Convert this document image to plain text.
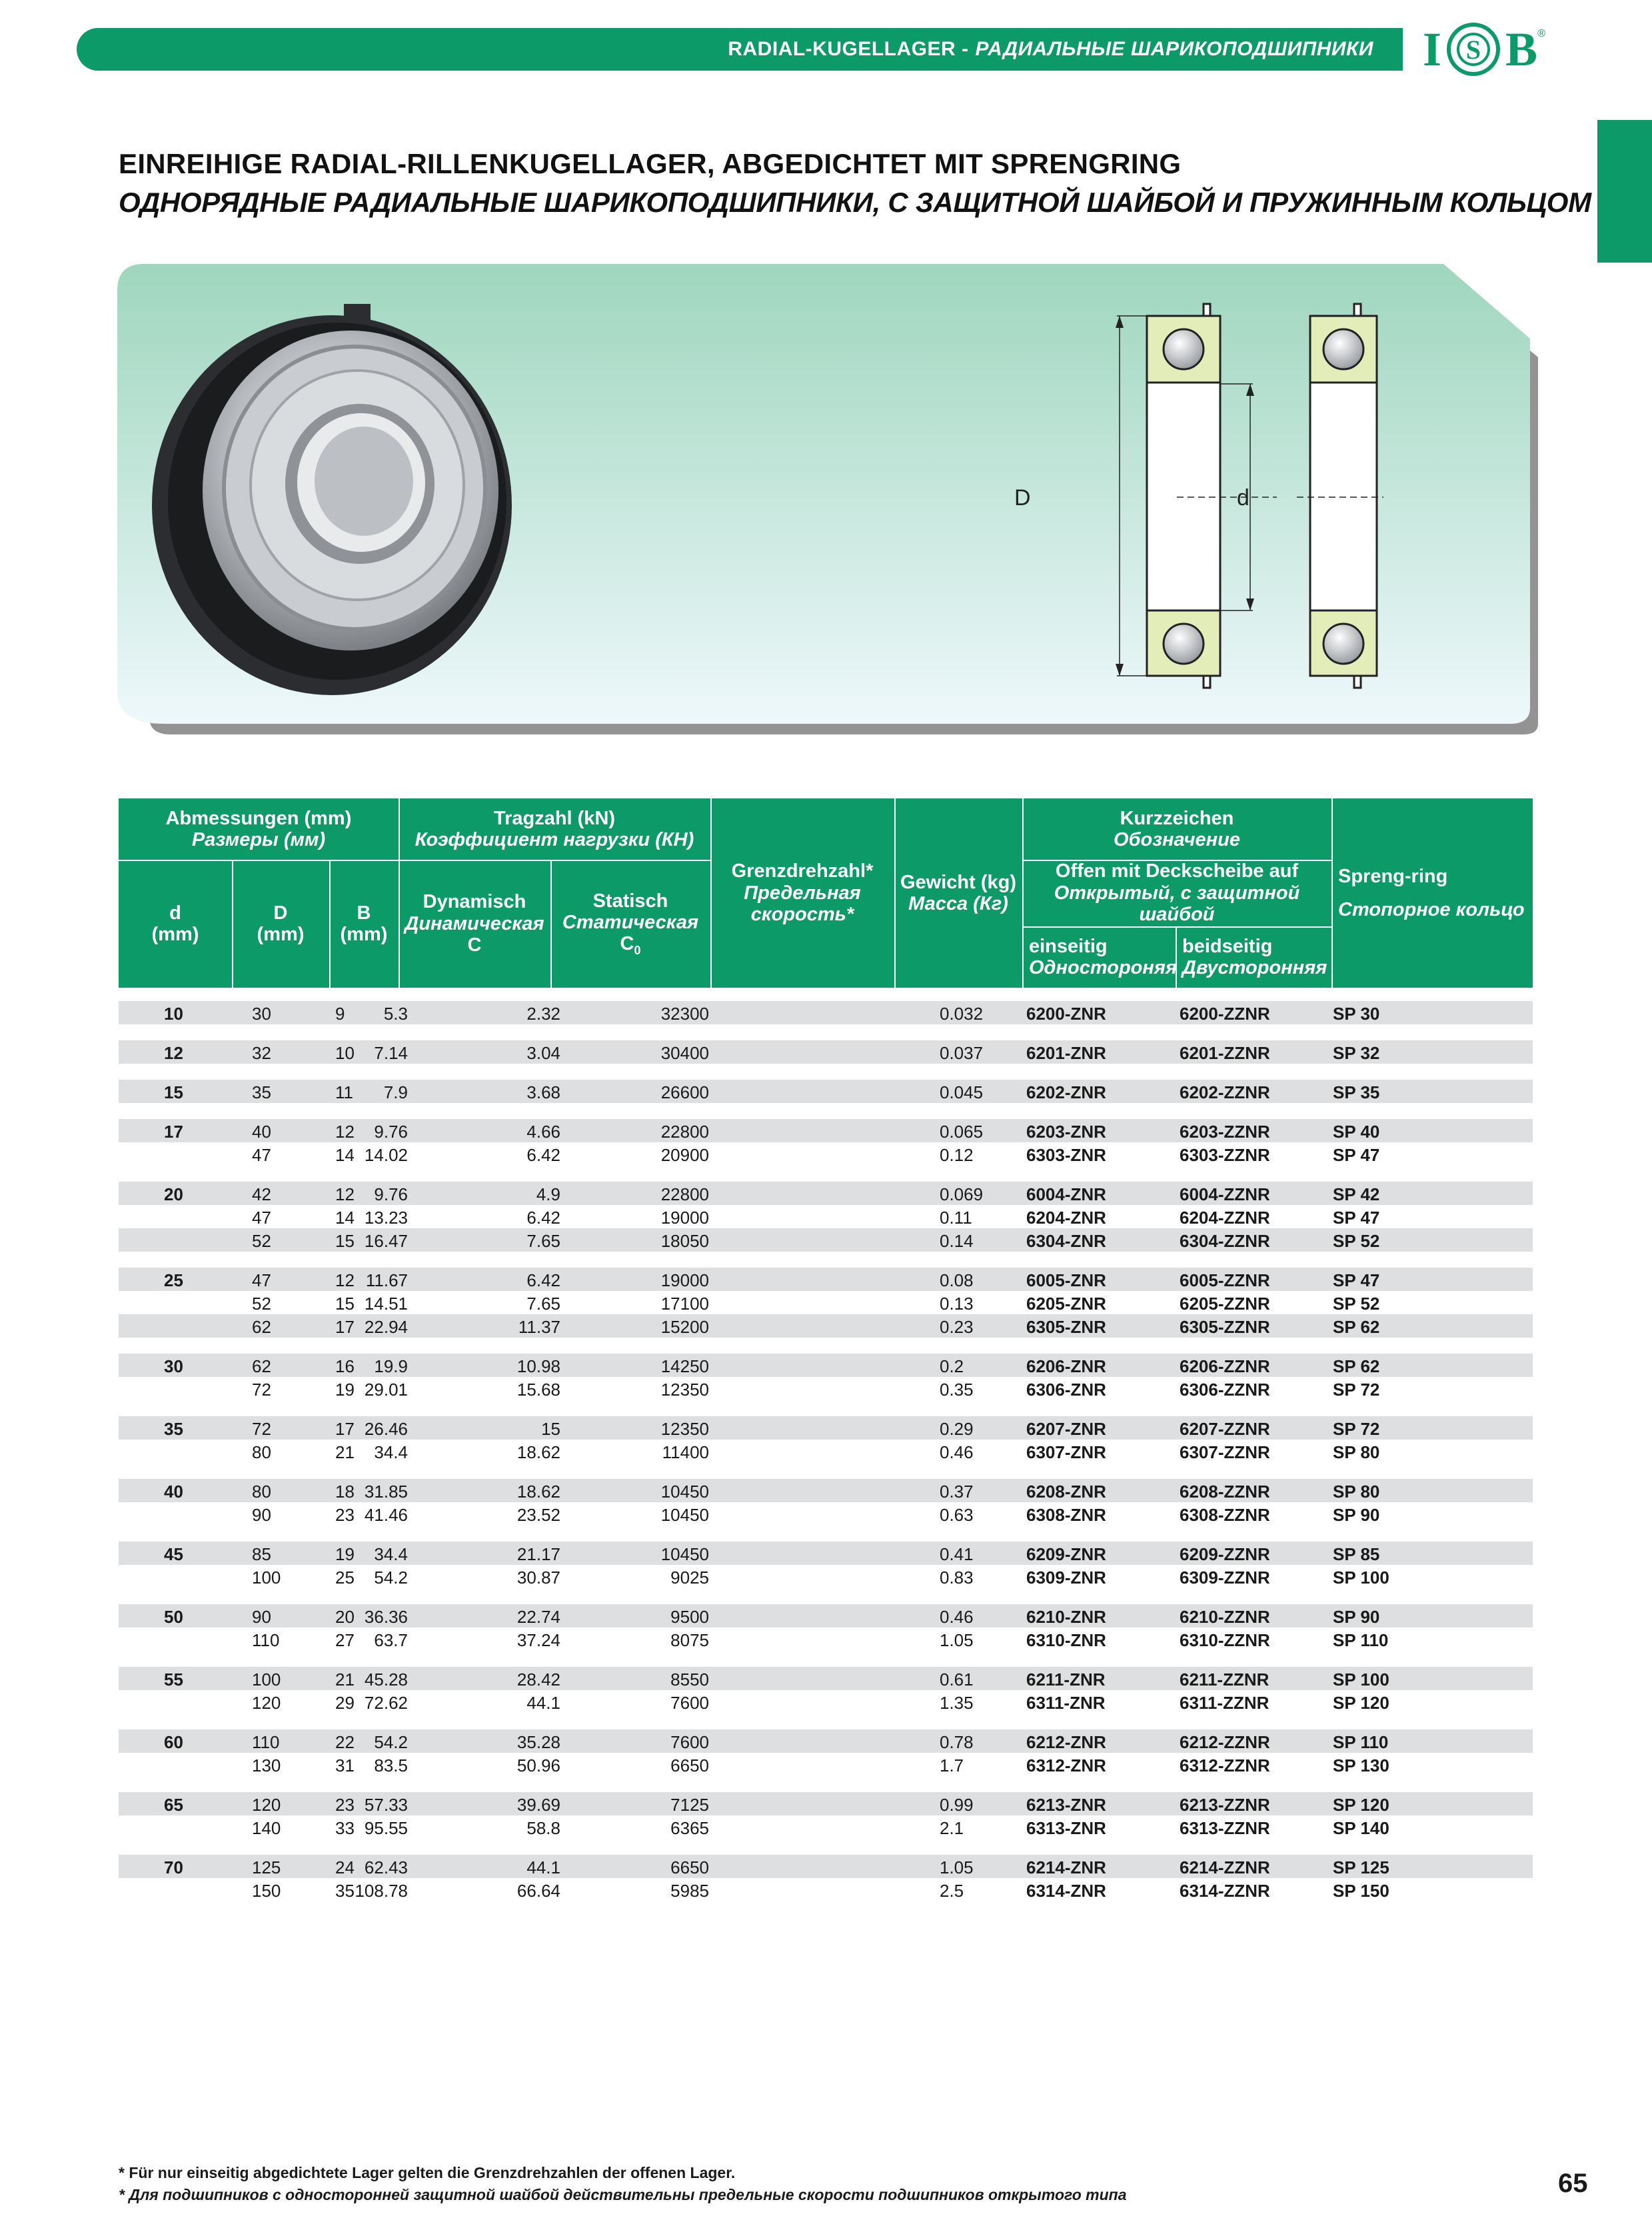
RADIAL-KUGELLAGER - РАДИАЛЬНЫЕ ШАРИКОПОДШИПНИКИ I S B ®
EINREIHIGE RADIAL-RILLENKUGELLAGER, ABGEDICHTET MIT SPRENGRING
ОДНОРЯДНЫЕ РАДИАЛЬНЫЕ ШАРИКОПОДШИПНИКИ, С ЗАЩИТНОЙ ШАЙБОЙ И ПРУЖИННЫМ КОЛЬЦОМ
D	d
Abmessungen (mm)
Размеры (мм)
d
(mm)
D
(mm)
B
(mm)
Tragzahl (kN)
Коэффициент нагрузки (КН)
Dynamisch
Динамическая
C
Statisch
Статическая
$C_0$
Grenzdrehzahl*
Предельная
скорость*
Gewicht (kg)
Масса (Кг)
Kurzzeichen
Обозначение
Offen mit Deckscheibe auf
Открытый, с защитной шайбой
einseitig
Одностороняя
beidseitig
Двусторонняя
Spreng-ring
Стопорное кольцо
10	30	9 5.3	2.32	32300	0.032 6200-ZNR	6200-ZZNR	SP 30
12	32	10 7.14	3.04	30400	0.037 6201-ZNR	6201-ZZNR	SP 32
15	35	11 7.9	3.68	26600	0.045 6202-ZNR	6202-ZZNR	SP 35
17	40	12 9.76	4.66	22800	0.065 6203-ZNR	6203-ZZNR	SP 40
47	14 14.02	6.42	20900	0.12	6303-ZNR	6303-ZZNR	SP 47
20	42	12 9.76	4.9	22800	0.069 6004-ZNR	6004-ZZNR	SP 42
47	14 13.23	6.42	19000	0.11	6204-ZNR	6204-ZZNR	SP 47
52	15 16.47	7.65	18050	0.14	6304-ZNR	6304-ZZNR	SP 52
25	47	12 11.67	6.42	19000	0.08	6005-ZNR	6005-ZZNR	SP 47
52	15 14.51	7.65	17100	0.13	6205-ZNR	6205-ZZNR	SP 52
62	17 22.94	11.37	15200	0.23	6305-ZNR	6305-ZZNR	SP 62
30	62	16 19.9	10.98	14250	0.2	6206-ZNR	6206-ZZNR	SP 62
72	19 29.01	15.68	12350	0.35	6306-ZNR	6306-ZZNR	SP 72
35	72	17 26.46	15	12350	0.29	6207-ZNR	6207-ZZNR	SP 72
80	21 34.4	18.62	11400	0.46	6307-ZNR	6307-ZZNR	SP 80
40	80	18 31.85	18.62	10450	0.37	6208-ZNR	6208-ZZNR	SP 80
90	23 41.46	23.52	10450	0.63	6308-ZNR	6308-ZZNR	SP 90
45	85	19 34.4	21.17	10450	0.41	6209-ZNR	6209-ZZNR	SP 85
100	25 54.2	30.87	9025	0.83	6309-ZNR	6309-ZZNR	SP 100
50	90	20 36.36	22.74	9500	0.46	6210-ZNR	6210-ZZNR	SP 90
110	27 63.7	37.24	8075	1.05	6310-ZNR	6310-ZZNR	SP 110
55	100	21 45.28	28.42	8550	0.61	6211-ZNR	6211-ZZNR	SP 100
120	29 72.62	44.1	7600	1.35	6311-ZNR	6311-ZZNR	SP 120
60	110	22 54.2	35.28	7600	0.78	6212-ZNR	6212-ZZNR	SP 110
130	31 83.5	50.96	6650	1.7	6312-ZNR	6312-ZZNR	SP 130
65	120	23 57.33	39.69	7125	0.99	6213-ZNR	6213-ZZNR	SP 120
140	33 95.55	58.8	6365	2.1	6313-ZNR	6313-ZZNR	SP 140
70	125	24 62.43	44.1	6650	1.05	6214-ZNR	6214-ZZNR	SP 125
150	35 108.78	66.64	5985	2.5	6314-ZNR	6314-ZZNR	SP 150
* Für nur einseitig abgedichtete Lager gelten die Grenzdrehzahlen der offenen Lager.
* Для подшипников с односторонней защитной шайбой действительны предельные скорости подшипников открытого типа	65
